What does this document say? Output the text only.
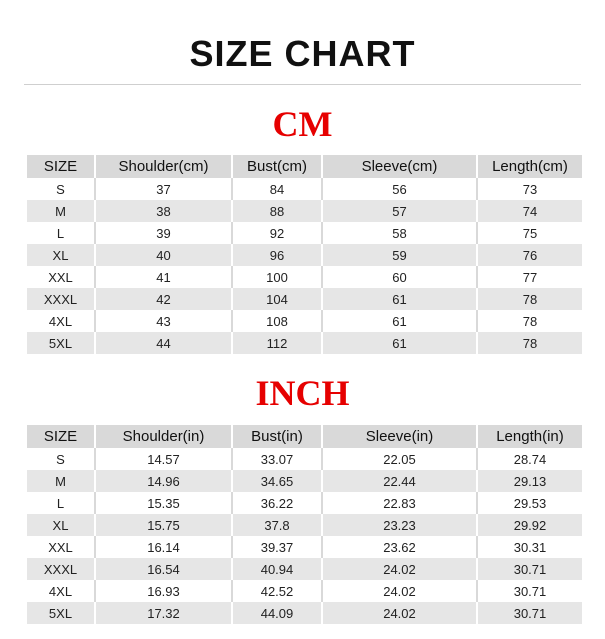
SIZE CHART
CM
SIZE	Shoulder(cm)	Bust(cm)	Sleeve(cm)	Length(cm)
S	37	84	56	73
M	38	88	57	74
L	39	92	58	75
XL	40	96	59	76
XXL	41	100	60	77
XXXL	42	104	61	78
4XL	43	108	61	78
5XL	44	112	61	78
INCH
SIZE	Shoulder(in)	Bust(in)	Sleeve(in)	Length(in)
S	14.57	33.07	22.05	28.74
M	14.96	34.65	22.44	29.13
L	15.35	36.22	22.83	29.53
XL	15.75	37.8	23.23	29.92
XXL	16.14	39.37	23.62	30.31
XXXL	16.54	40.94	24.02	30.71
4XL	16.93	42.52	24.02	30.71
5XL	17.32	44.09	24.02	30.71
